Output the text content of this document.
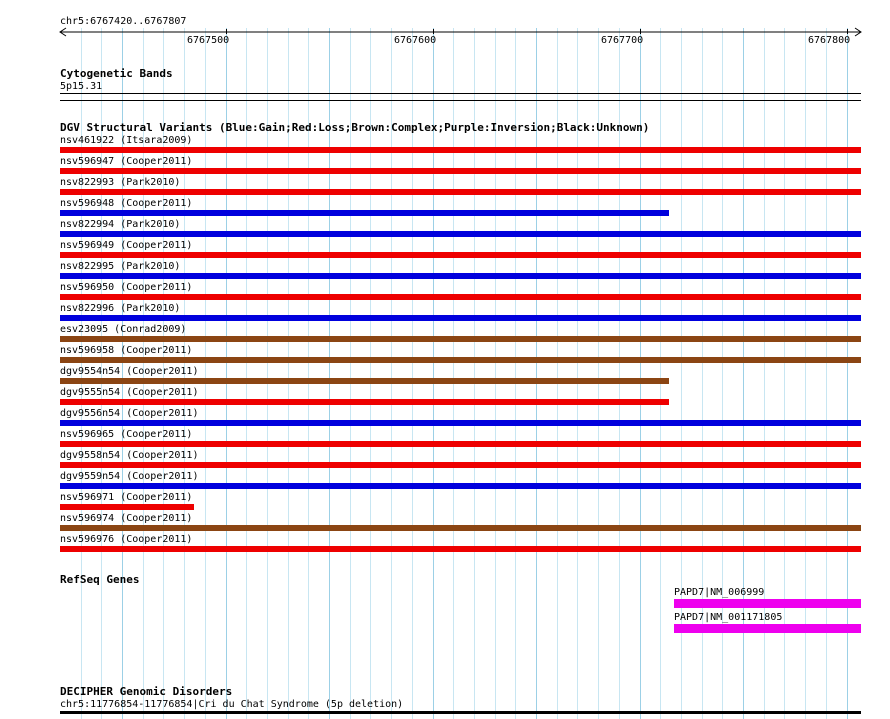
chr5:6767420..6767807
6767500	6767600	6767700	6767800
Cytogenetic Bands
5p15.31
DGV Structural Variants (Blue:Gain;Red:Loss;Brown:Complex;Purple:Inversion;Black:Unknown)
nsv461922 (Itsara2009)
nsv596947 (Cooper2011)
nsv822993 (Park2010)
nsv596948 (Cooper2011)
nsv822994 (Park2010)
nsv596949 (Cooper2011)
nsv822995 (Park2010)
nsv596950 (Cooper2011)
nsv822996 (Park2010)
esv23095 (Conrad2009)
nsv596958 (Cooper2011)
dgv9554n54 (Cooper2011)
dgv9555n54 (Cooper2011)
dgv9556n54 (Cooper2011)
nsv596965 (Cooper2011)
dgv9558n54 (Cooper2011)
dgv9559n54 (Cooper2011)
nsv596971 (Cooper2011)
nsv596974 (Cooper2011)
nsv596976 (Cooper2011)
RefSeq Genes
PAPD7|NM_006999
PAPD7|NM_001171805
DECIPHER Genomic Disorders
chr5:11776854-11776854|Cri du Chat Syndrome (5p deletion)
